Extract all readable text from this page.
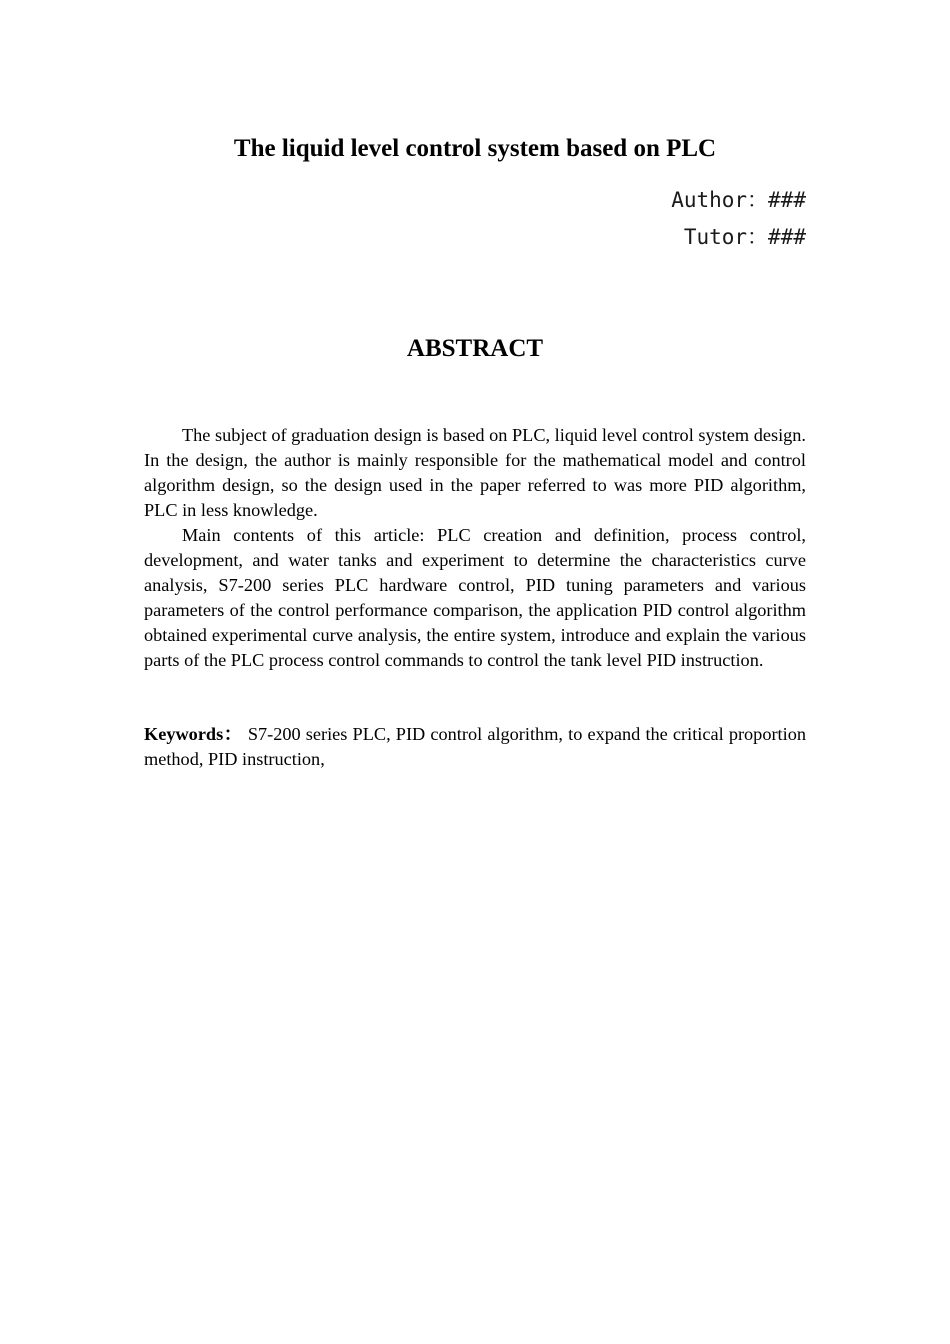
The liquid level control system based on PLC
Author：###
Tutor：###
ABSTRACT

The subject of graduation design is based on PLC, liquid level control system design. In the design, the author is mainly responsible for the mathematical model and control algorithm design, so the design used in the paper referred to was more PID algorithm, PLC in less knowledge.

Main contents of this article: PLC creation and definition, process control, development, and water tanks and experiment to determine the characteristics curve analysis, S7-200 series PLC hardware control, PID tuning parameters and various parameters of the control performance comparison, the application PID control algorithm obtained experimental curve analysis, the entire system, introduce and explain the various parts of the PLC process control commands to control the tank level PID instruction.

Keywords： S7-200 series PLC, PID control algorithm, to expand the critical proportion method, PID instruction,
